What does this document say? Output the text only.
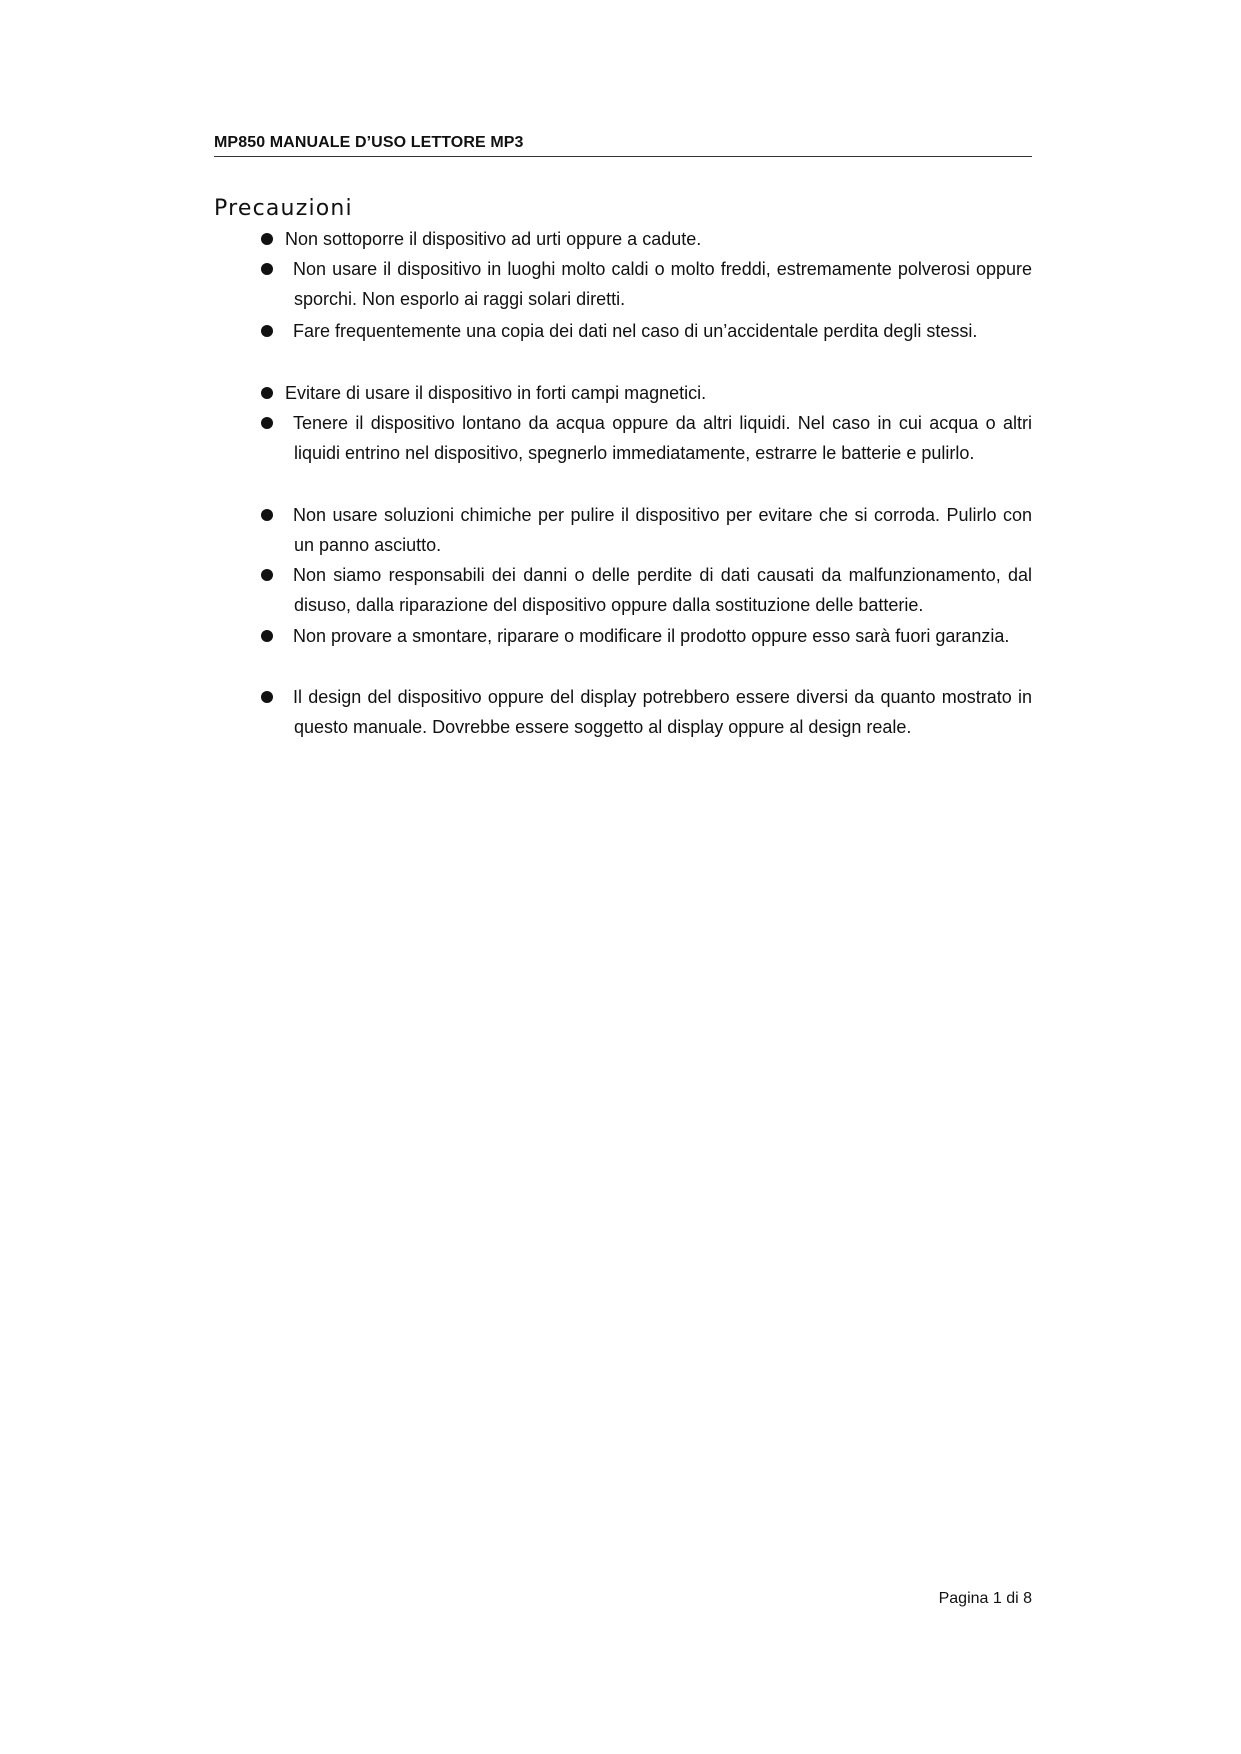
MP850 MANUALE D’USO LETTORE MP3
Precauzioni
Non sottoporre il dispositivo ad urti oppure a cadute.
Non usare il dispositivo in luoghi molto caldi o molto freddi, estremamente polverosi oppure sporchi. Non esporlo ai raggi solari diretti.
Fare frequentemente una copia dei dati nel caso di un’accidentale perdita degli stessi.
Evitare di usare il dispositivo in forti campi magnetici.
Tenere il dispositivo lontano da acqua oppure da altri liquidi. Nel caso in cui acqua o altri liquidi entrino nel dispositivo, spegnerlo immediatamente, estrarre le batterie e pulirlo.
Non usare soluzioni chimiche per pulire il dispositivo per evitare che si corroda. Pulirlo con un panno asciutto.
Non siamo responsabili dei danni o delle perdite di dati causati da malfunzionamento, dal disuso, dalla riparazione del dispositivo oppure dalla sostituzione delle batterie.
Non provare a smontare, riparare o modificare il prodotto oppure esso sarà fuori garanzia.
Il design del dispositivo oppure del display potrebbero essere diversi da quanto mostrato in questo manuale. Dovrebbe essere soggetto al display oppure al design reale.
Pagina 1 di 8
